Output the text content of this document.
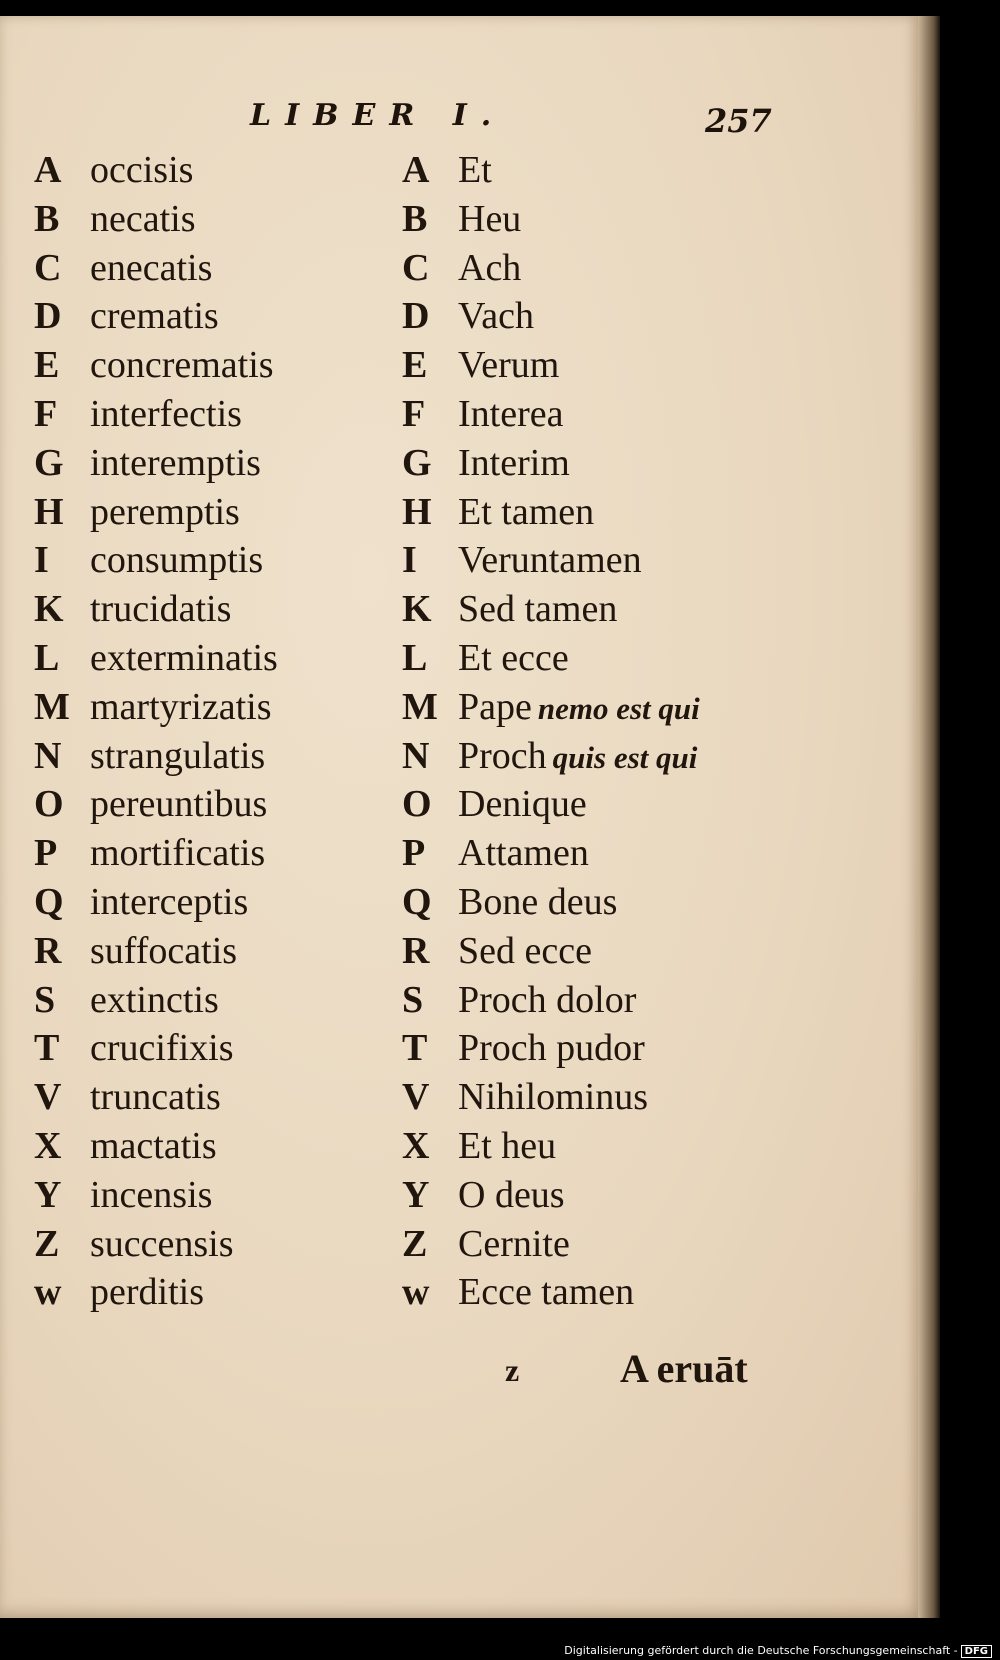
LIBER I.	257
A occisis
B necatis
C enecatis
D crematis
E concrematis
F interfectis
G interemptis
H peremptis
I consumptis
K trucidatis
L exterminatis
M martyrizatis
N strangulatis
O pereuntibus
P mortificatis
Q interceptis
R suffocatis
S extinctis
T crucifixis
V truncatis
X mactatis
Y incensis
Z succensis
w perditis
A Et
B Heu
C Ach
D Vach
E Verum
F Interea
G Interim
H Et tamen
I Veruntamen
K Sed tamen
L Et ecce
M Pape nemo est qui
N Proch quis est qui
O Denique
P Attamen
Q Bone deus
R Sed ecce
S Proch dolor
T Proch pudor
V Nihilominus
X Et heu
Y O deus
Z Cernite
w Ecce tamen
z	A eruāt
Digitalisierung gefördert durch die Deutsche Forschungsgemeinschaft - DFG
